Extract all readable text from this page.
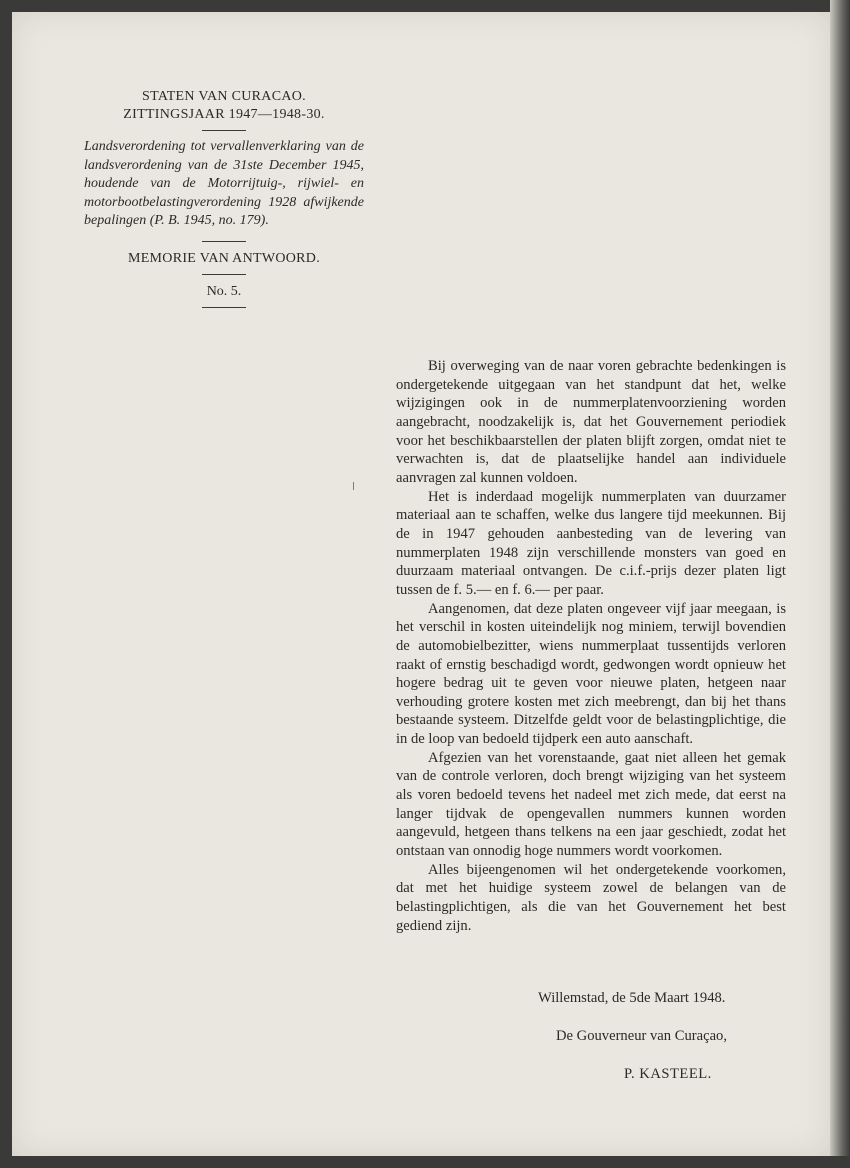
STATEN VAN CURACAO.
ZITTINGSJAAR 1947—1948-30.
Landsverordening tot vervallenverklaring van de landsverordening van de 31ste December 1945, houdende van de Motorrijtuig-, rijwiel- en motorbootbelastingverordening 1928 afwijkende bepalingen (P. B. 1945, no. 179).
MEMORIE VAN ANTWOORD.
No. 5.

Bij overweging van de naar voren gebrachte bedenkingen is ondergetekende uitgegaan van het standpunt dat het, welke wijzigingen ook in de nummerplatenvoorziening worden aangebracht, noodzakelijk is, dat het Gouvernement periodiek voor het beschikbaarstellen der platen blijft zorgen, omdat niet te verwachten is, dat de plaatselijke handel aan individuele aanvragen zal kunnen voldoen.

Het is inderdaad mogelijk nummerplaten van duurzamer materiaal aan te schaffen, welke dus langere tijd meekunnen. Bij de in 1947 gehouden aanbesteding van de levering van nummerplaten 1948 zijn verschillende monsters van goed en duurzaam materiaal ontvangen. De c.i.f.-prijs dezer platen ligt tussen de f. 5.— en f. 6.— per paar.

Aangenomen, dat deze platen ongeveer vijf jaar meegaan, is het verschil in kosten uiteindelijk nog miniem, terwijl bovendien de automobielbezitter, wiens nummerplaat tussentijds verloren raakt of ernstig beschadigd wordt, gedwongen wordt opnieuw het hogere bedrag uit te geven voor nieuwe platen, hetgeen naar verhouding grotere kosten met zich meebrengt, dan bij het thans bestaande systeem. Ditzelfde geldt voor de belastingplichtige, die in de loop van bedoeld tijdperk een auto aanschaft.

Afgezien van het vorenstaande, gaat niet alleen het gemak van de controle verloren, doch brengt wijziging van het systeem als voren bedoeld tevens het nadeel met zich mede, dat eerst na langer tijdvak de opengevallen nummers kunnen worden aangevuld, hetgeen thans telkens na een jaar geschiedt, zodat het ontstaan van onnodig hoge nummers wordt voorkomen.

Alles bijeengenomen wil het ondergetekende voorkomen, dat met het huidige systeem zowel de belangen van de belastingplichtigen, als die van het Gouvernement het best gediend zijn.

Willemstad, de 5de Maart 1948.
De Gouverneur van Curaçao,
P. KASTEEL.
